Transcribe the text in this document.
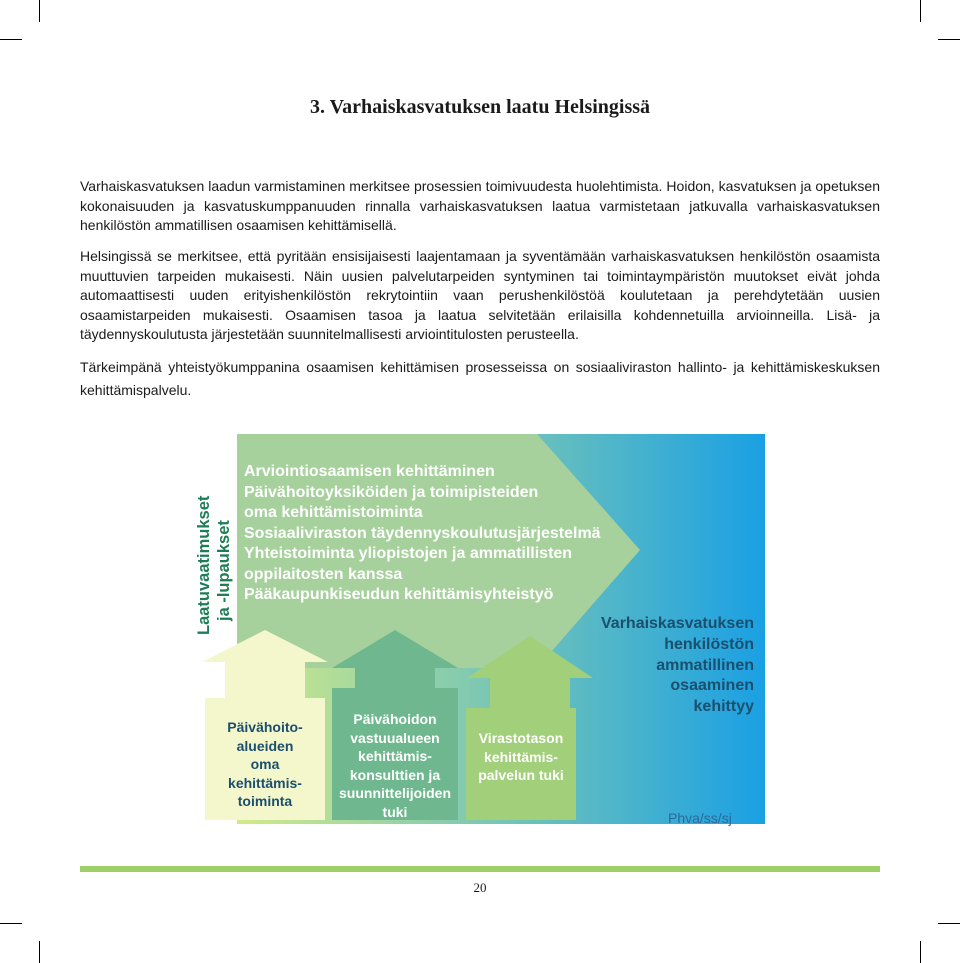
3. Varhaiskasvatuksen laatu Helsingissä

Varhaiskasvatuksen laadun varmistaminen merkitsee prosessien toimivuudesta huolehtimista. Hoidon, kasvatuksen ja opetuksen kokonaisuuden ja kasvatuskumppanuuden rinnalla varhaiskasvatuksen laatua varmistetaan jatkuvalla varhaiskasvatuksen henkilöstön ammatillisen osaamisen kehittämisellä.

Helsingissä se merkitsee, että pyritään ensisijaisesti laajentamaan ja syventämään varhaiskasvatuksen henkilöstön osaamista muuttuvien tarpeiden mukaisesti. Näin uusien palvelutarpeiden syntyminen tai toimintaympäristön muutokset eivät johda automaattisesti uuden erityishenkilöstön rekrytointiin vaan perushenkilöstöä koulutetaan ja perehdytetään uusien osaamistarpeiden mukaisesti. Osaamisen tasoa ja laatua selvitetään erilaisilla kohdennetuilla arvioinneilla. Lisä- ja täydennyskoulutusta järjestetään suunnitelmallisesti arviointitulosten perusteella.

Tärkeimpänä yhteistyökumppanina osaamisen kehittämisen prosesseissa on sosiaaliviraston hallinto- ja kehittämiskeskuksen kehittämispalvelu.

Laatuvaatimukset ja -lupaukset
Arviointiosaamisen kehittäminen
Päivähoitoyksiköiden ja toimipisteiden
oma kehittämistoiminta
Sosiaaliviraston täydennyskoulutusjärjestelmä
Yhteistoiminta yliopistojen ja ammatillisten
oppilaitosten kanssa
Pääkaupunkiseudun kehittämisyhteistyö
Varhaiskasvatuksen
henkilöstön
ammatillinen
osaaminen
kehittyy
Päivähoito-
alueiden
oma
kehittämis-
toiminta
Päivähoidon
vastuualueen
kehittämis-
konsulttien ja
suunnittelijoiden
tuki
Virastotason
kehittämis-
palvelun tuki
Phva/ss/sj
20
